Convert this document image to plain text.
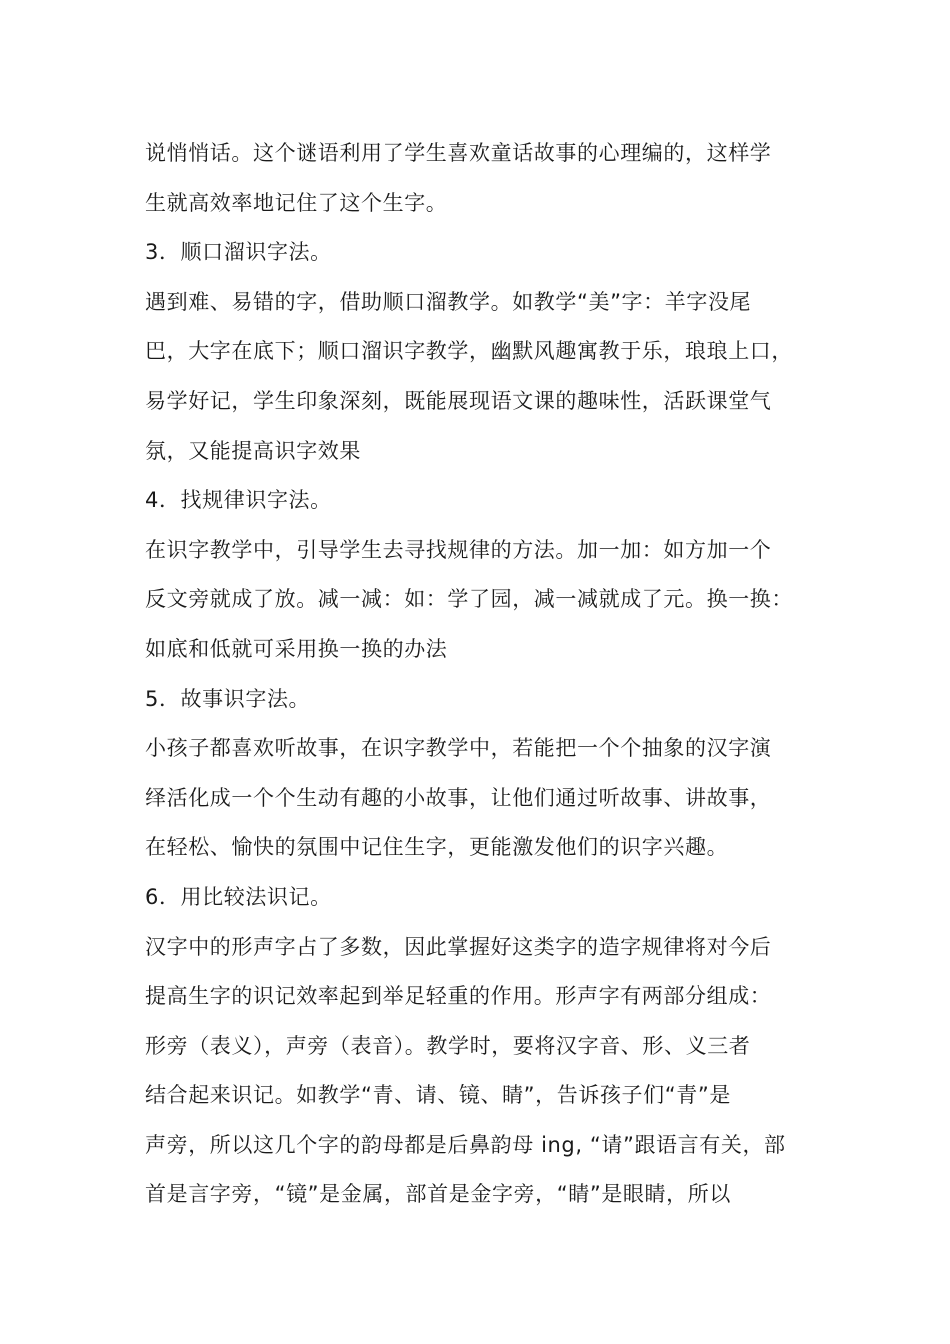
说悄悄话。这个谜语利用了学生喜欢童话故事的心理编的，这样学
生就高效率地记住了这个生字。
3．顺口溜识字法。
遇到难、易错的字，借助顺口溜教学。如教学“美”字：羊字没尾
巴，大字在底下；顺口溜识字教学，幽默风趣寓教于乐，琅琅上口，
易学好记，学生印象深刻，既能展现语文课的趣味性，活跃课堂气
氛，又能提高识字效果
4．找规律识字法。
在识字教学中，引导学生去寻找规律的方法。加一加：如方加一个
反文旁就成了放。减一减：如：学了园，减一减就成了元。换一换：
如底和低就可采用换一换的办法
5．故事识字法。
小孩子都喜欢听故事，在识字教学中，若能把一个个抽象的汉字演
绎活化成一个个生动有趣的小故事，让他们通过听故事、讲故事，
在轻松、愉快的氛围中记住生字，更能激发他们的识字兴趣。
6．用比较法识记。
汉字中的形声字占了多数，因此掌握好这类字的造字规律将对今后
提高生字的识记效率起到举足轻重的作用。形声字有两部分组成：
形旁（表义），声旁（表音）。教学时，要将汉字音、形、义三者
结合起来识记。如教学“青、请、镜、睛”，告诉孩子们“青”是
声旁，所以这几个字的韵母都是后鼻韵母 ing, “请”跟语言有关，部
首是言字旁，“镜”是金属，部首是金字旁，“睛”是眼睛，所以
